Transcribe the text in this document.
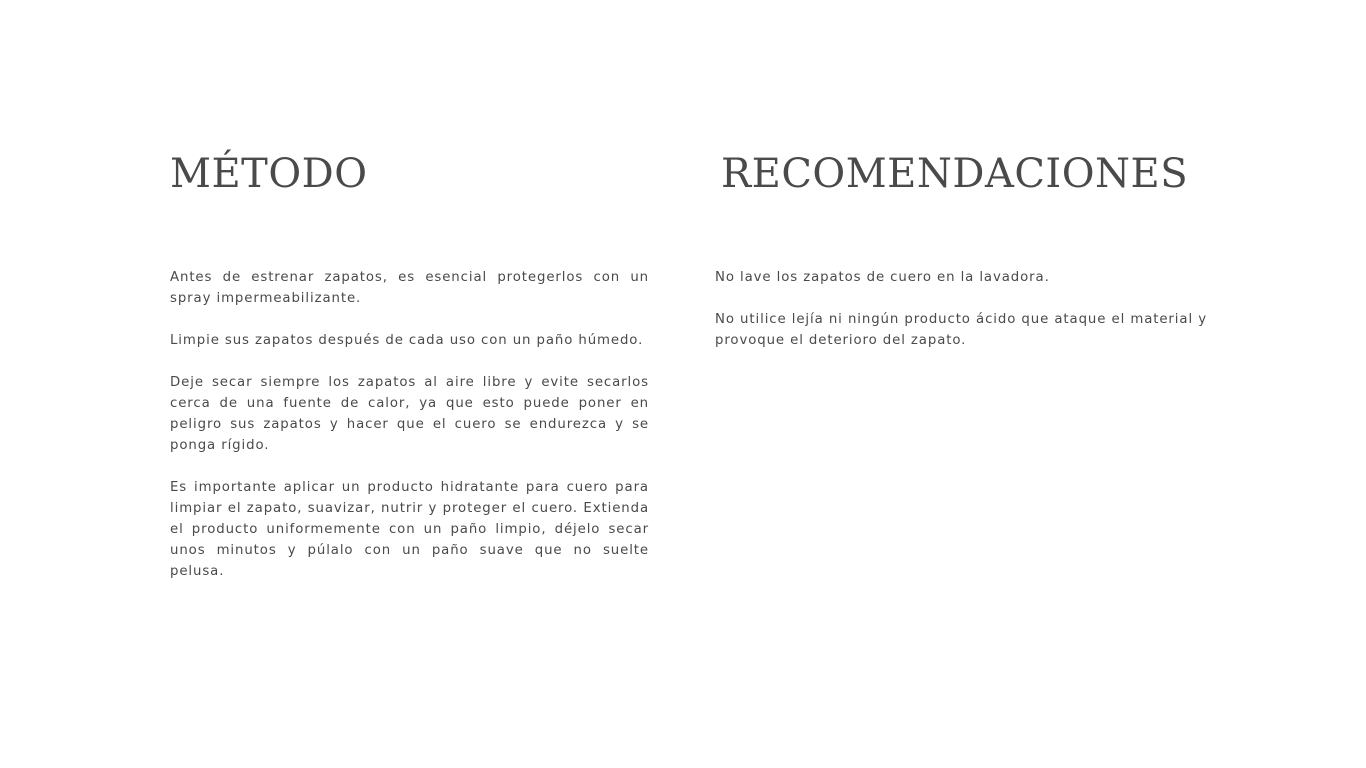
MÉTODO

Antes de estrenar zapatos, es esencial protegerlos con un spray impermeabilizante.

Limpie sus zapatos después de cada uso con un paño húmedo.

Deje secar siempre los zapatos al aire libre y evite secarlos cerca de una fuente de calor, ya que esto puede poner en peligro sus zapatos y hacer que el cuero se endurezca y se ponga rígido.

Es importante aplicar un producto hidratante para cuero para limpiar el zapato, suavizar, nutrir y proteger el cuero. Extienda el producto uniformemente con un paño limpio, déjelo secar unos minutos y púlalo con un paño suave que no suelte pelusa.

RECOMENDACIONES

No lave los zapatos de cuero en la lavadora.

No utilice lejía ni ningún producto ácido que ataque el material y provoque el deterioro del zapato.
